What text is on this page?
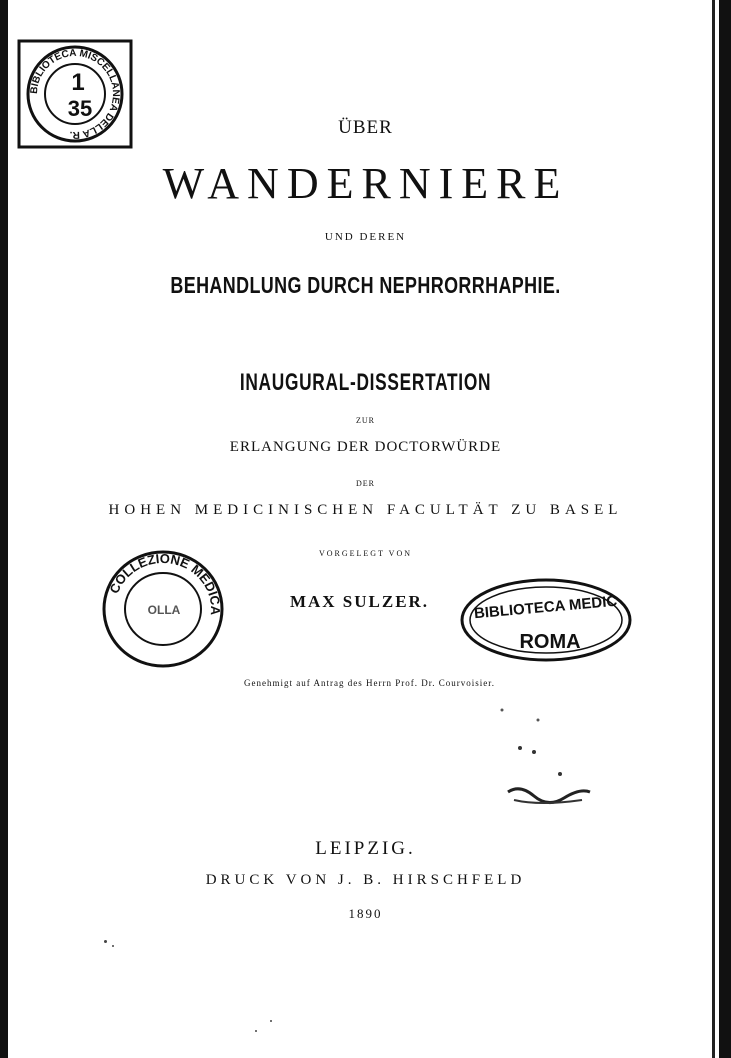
BIBLIOTECA MISCELLANEA DELLA R.
1
35
ÜBER
WANDERNIERE
UND DEREN
BEHANDLUNG DURCH NEPHRORRHAPHIE.
INAUGURAL-DISSERTATION
ZUR
ERLANGUNG DER DOCTORWÜRDE
DER
HOHEN MEDICINISCHEN FACULTÄT ZU BASEL
VORGELEGT VON
MAX SULZER.
Genehmigt auf Antrag des Herrn Prof. Dr. Courvoisier.
COLLEZIONE MEDICA
OLLA	BIBLIOTECA MEDIC
ROMA
LEIPZIG.
DRUCK VON J. B. HIRSCHFELD
1890
